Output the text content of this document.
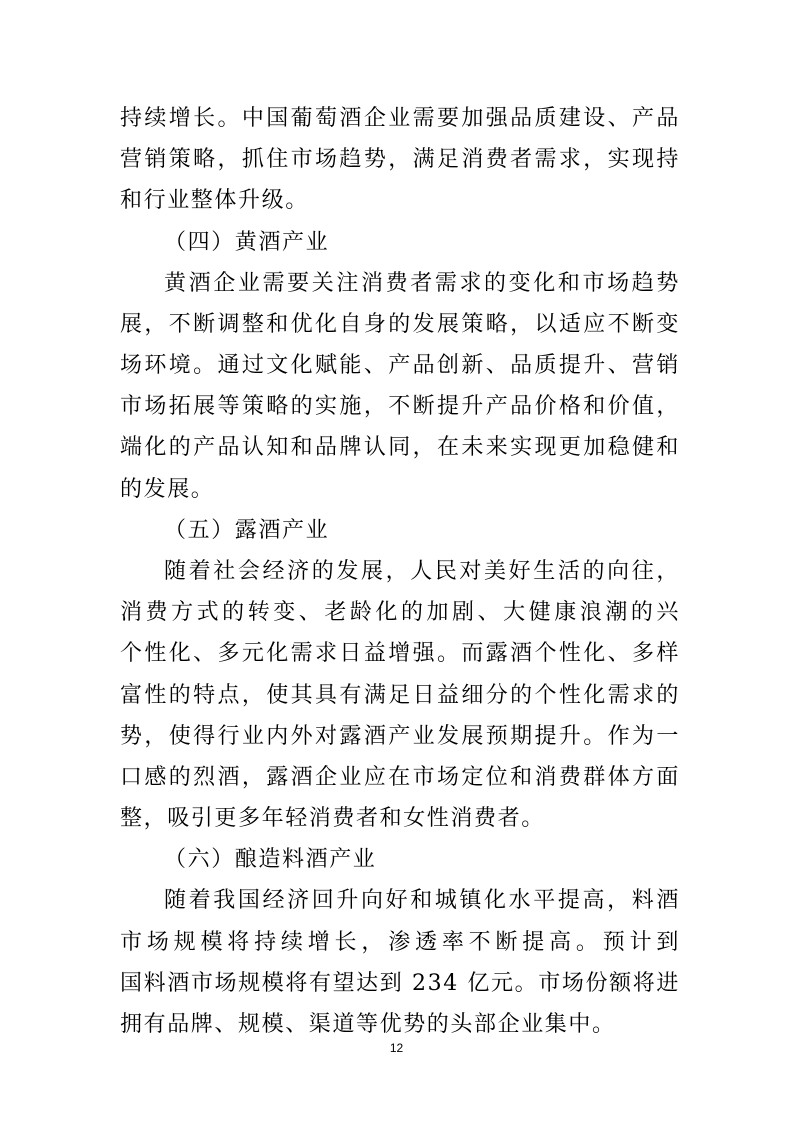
持续增长。中国葡萄酒企业需要加强品质建设、产品
营销策略，抓住市场趋势，满足消费者需求，实现持
和行业整体升级。
（四）黄酒产业
黄酒企业需要关注消费者需求的变化和市场趋势
展，不断调整和优化自身的发展策略，以适应不断变
场环境。通过文化赋能、产品创新、品质提升、营销
市场拓展等策略的实施，不断提升产品价格和价值，
端化的产品认知和品牌认同，在未来实现更加稳健和
的发展。
（五）露酒产业
随着社会经济的发展，人民对美好生活的向往，
消费方式的转变、老龄化的加剧、大健康浪潮的兴
个性化、多元化需求日益增强。而露酒个性化、多样
富性的特点，使其具有满足日益细分的个性化需求的
势，使得行业内外对露酒产业发展预期提升。作为一
口感的烈酒，露酒企业应在市场定位和消费群体方面
整，吸引更多年轻消费者和女性消费者。
（六）酿造料酒产业
随着我国经济回升向好和城镇化水平提高，料酒
市场规模将持续增长，渗透率不断提高。预计到
国料酒市场规模将有望达到 234 亿元。市场份额将进
拥有品牌、规模、渠道等优势的头部企业集中。
12
